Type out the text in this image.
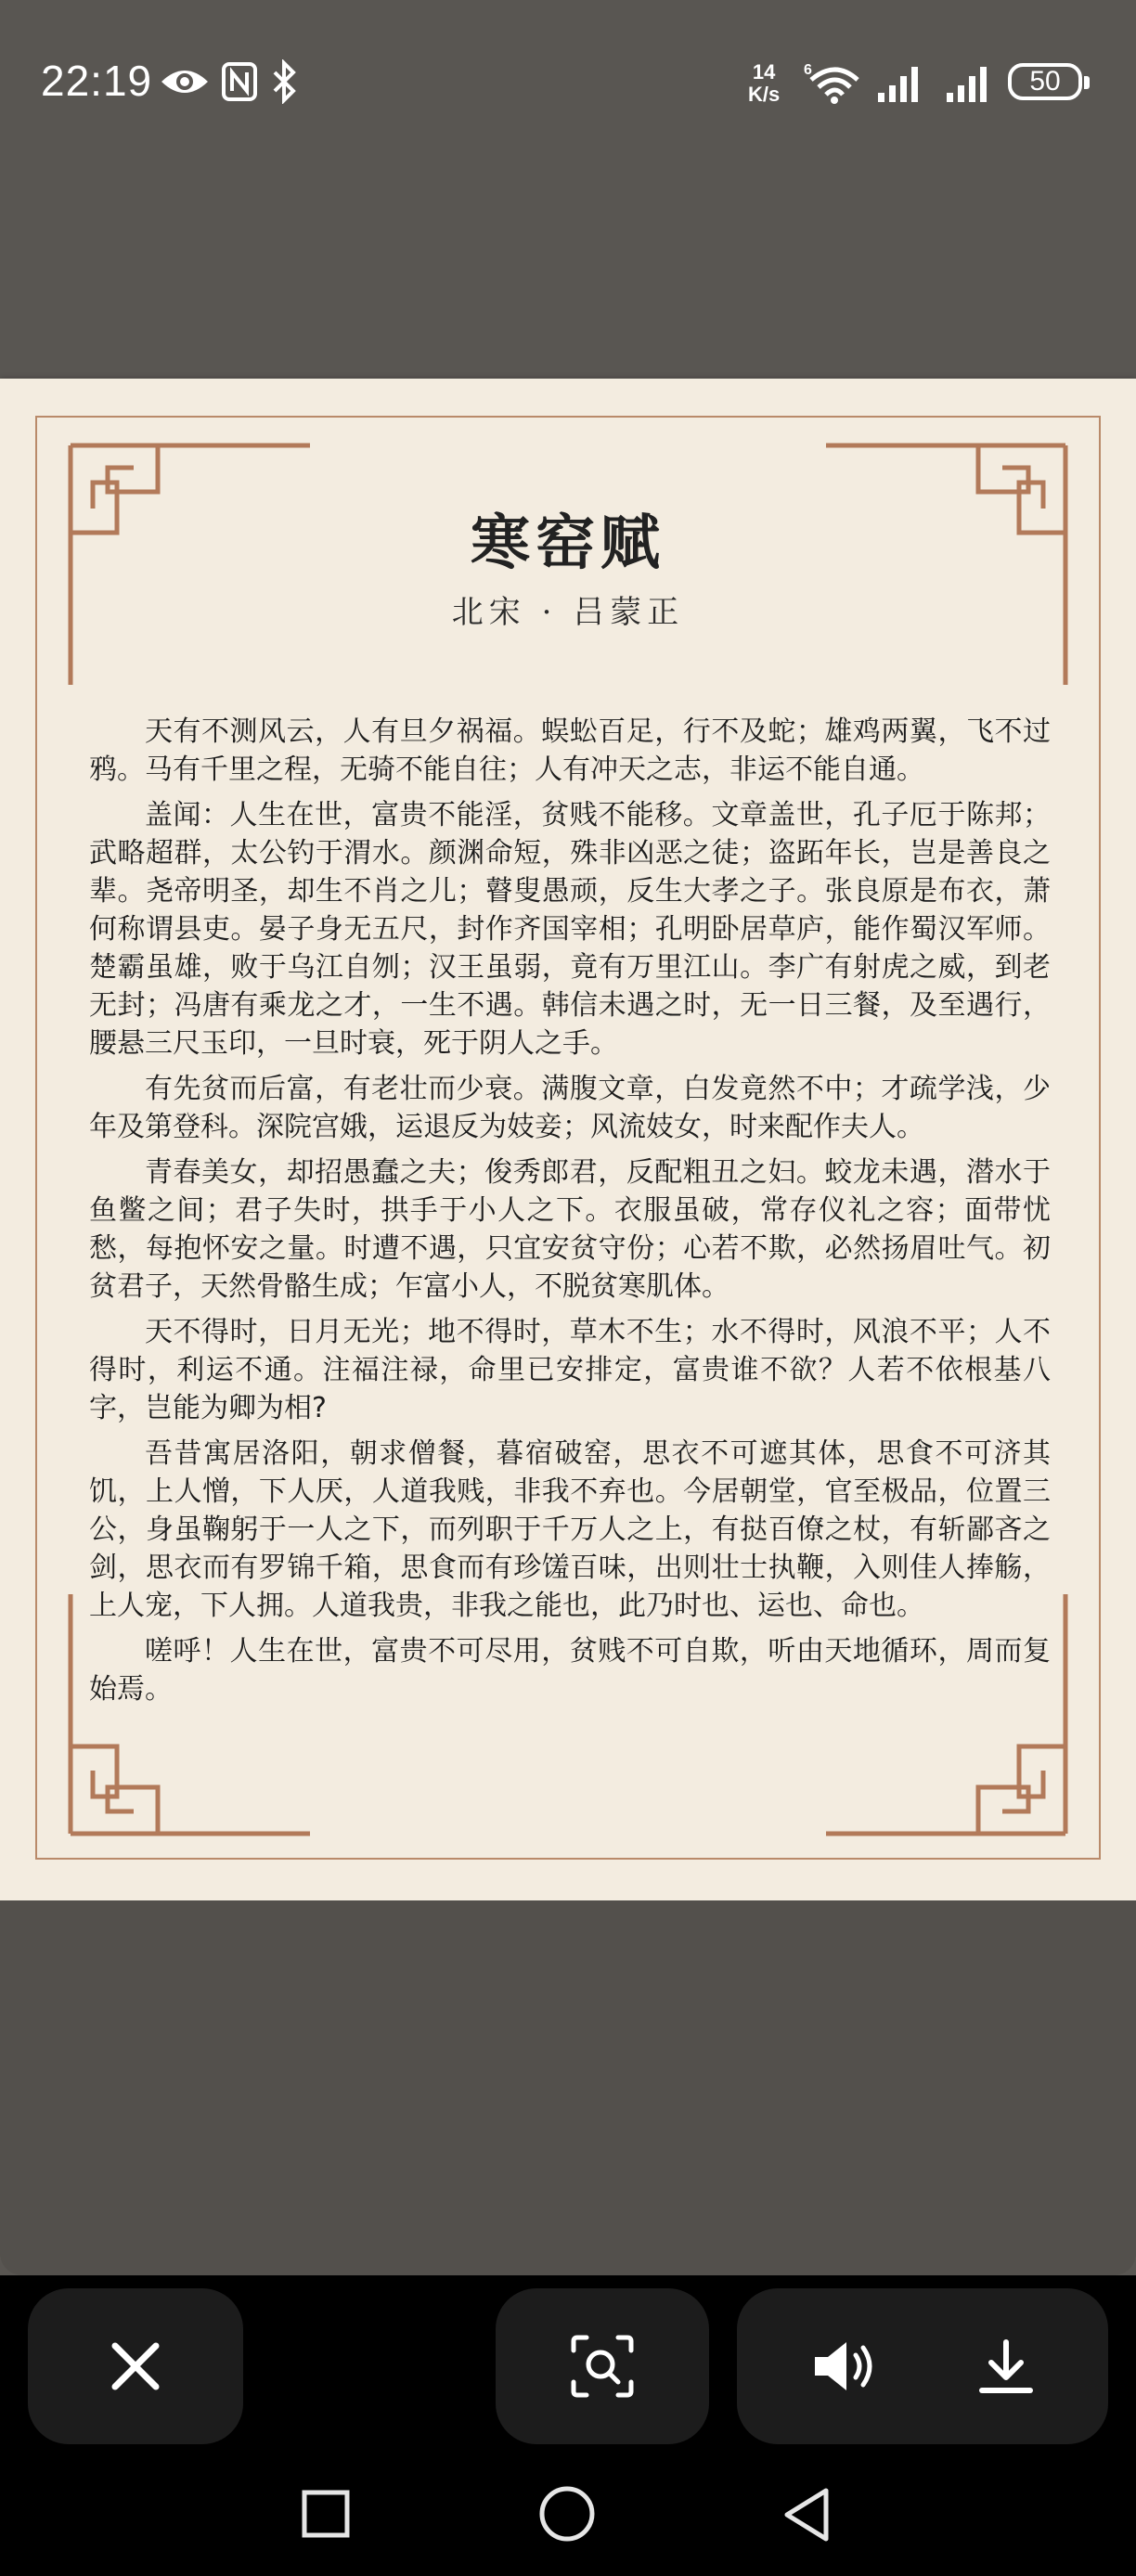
22:19	14
K/s
6	50
寒窑赋
北宋 · 吕蒙正

天有不测风云，人有旦夕祸福。蜈蚣百足，行不及蛇；雄鸡两翼，飞不过鸦。马有千里之程，无骑不能自往；人有冲天之志，非运不能自通。

盖闻：人生在世，富贵不能淫，贫贱不能移。文章盖世，孔子厄于陈邦；武略超群，太公钓于渭水。颜渊命短，殊非凶恶之徒；盗跖年长，岂是善良之辈。尧帝明圣，却生不肖之儿；瞽叟愚顽，反生大孝之子。张良原是布衣，萧何称谓县吏。晏子身无五尺，封作齐国宰相；孔明卧居草庐，能作蜀汉军师。楚霸虽雄，败于乌江自刎；汉王虽弱，竟有万里江山。李广有射虎之威，到老无封；冯唐有乘龙之才，一生不遇。韩信未遇之时，无一日三餐，及至遇行，腰悬三尺玉印，一旦时衰，死于阴人之手。

有先贫而后富，有老壮而少衰。满腹文章，白发竟然不中；才疏学浅，少年及第登科。深院宫娥，运退反为妓妾；风流妓女，时来配作夫人。

青春美女，却招愚蠢之夫；俊秀郎君，反配粗丑之妇。蛟龙未遇，潜水于鱼鳖之间；君子失时，拱手于小人之下。衣服虽破，常存仪礼之容；面带忧愁，每抱怀安之量。时遭不遇，只宜安贫守份；心若不欺，必然扬眉吐气。初贫君子，天然骨骼生成；乍富小人，不脱贫寒肌体。

天不得时，日月无光；地不得时，草木不生；水不得时，风浪不平；人不得时，利运不通。注福注禄，命里已安排定，富贵谁不欲？人若不依根基八字，岂能为卿为相?

吾昔寓居洛阳，朝求僧餐，暮宿破窑，思衣不可遮其体，思食不可济其饥，上人憎，下人厌，人道我贱，非我不弃也。今居朝堂，官至极品，位置三公，身虽鞠躬于一人之下，而列职于千万人之上，有挞百僚之杖，有斩鄙吝之剑，思衣而有罗锦千箱，思食而有珍馐百味，出则壮士执鞭，入则佳人捧觞，上人宠，下人拥。人道我贵，非我之能也，此乃时也、运也、命也。

嗟呼！人生在世，富贵不可尽用，贫贱不可自欺，听由天地循环，周而复始焉。
